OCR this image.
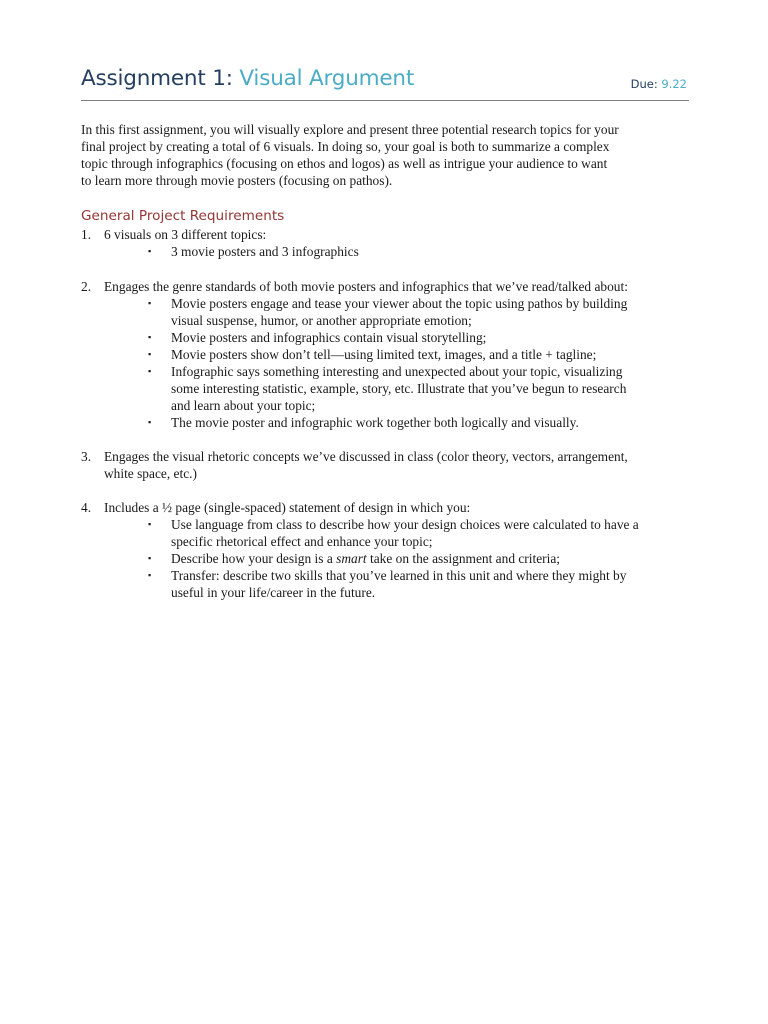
Assignment 1: Visual Argument	Due: 9.22
In this first assignment, you will visually explore and present three potential research topics for your
final project by creating a total of 6 visuals. In doing so, your goal is both to summarize a complex
topic through infographics (focusing on ethos and logos) as well as intrigue your audience to want
to learn more through movie posters (focusing on pathos).
General Project Requirements
1. 6 visuals on 3 different topics:
▪ 3 movie posters and 3 infographics
2. Engages the genre standards of both movie posters and infographics that we’ve read/talked about:
▪ Movie posters engage and tease your viewer about the topic using pathos by building
visual suspense, humor, or another appropriate emotion;
▪ Movie posters and infographics contain visual storytelling;
▪ Movie posters show don’t tell—using limited text, images, and a title + tagline;
▪ Infographic says something interesting and unexpected about your topic, visualizing
some interesting statistic, example, story, etc. Illustrate that you’ve begun to research
and learn about your topic;
▪ The movie poster and infographic work together both logically and visually.
3. Engages the visual rhetoric concepts we’ve discussed in class (color theory, vectors, arrangement,
white space, etc.)
4. Includes a ½ page (single-spaced) statement of design in which you:
▪ Use language from class to describe how your design choices were calculated to have a
specific rhetorical effect and enhance your topic;
▪ Describe how your design is a smart take on the assignment and criteria;
▪ Transfer: describe two skills that you’ve learned in this unit and where they might by
useful in your life/career in the future.
